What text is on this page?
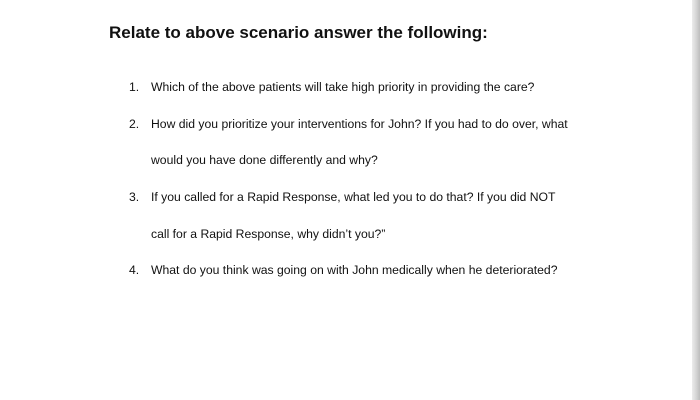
Relate to above scenario answer the following:
1. Which of the above patients will take high priority in providing the care?
2. How did you prioritize your interventions for John? If you had to do over, what
would you have done differently and why?
3. If you called for a Rapid Response, what led you to do that? If you did NOT
call for a Rapid Response, why didn’t you?”
4. What do you think was going on with John medically when he deteriorated?
